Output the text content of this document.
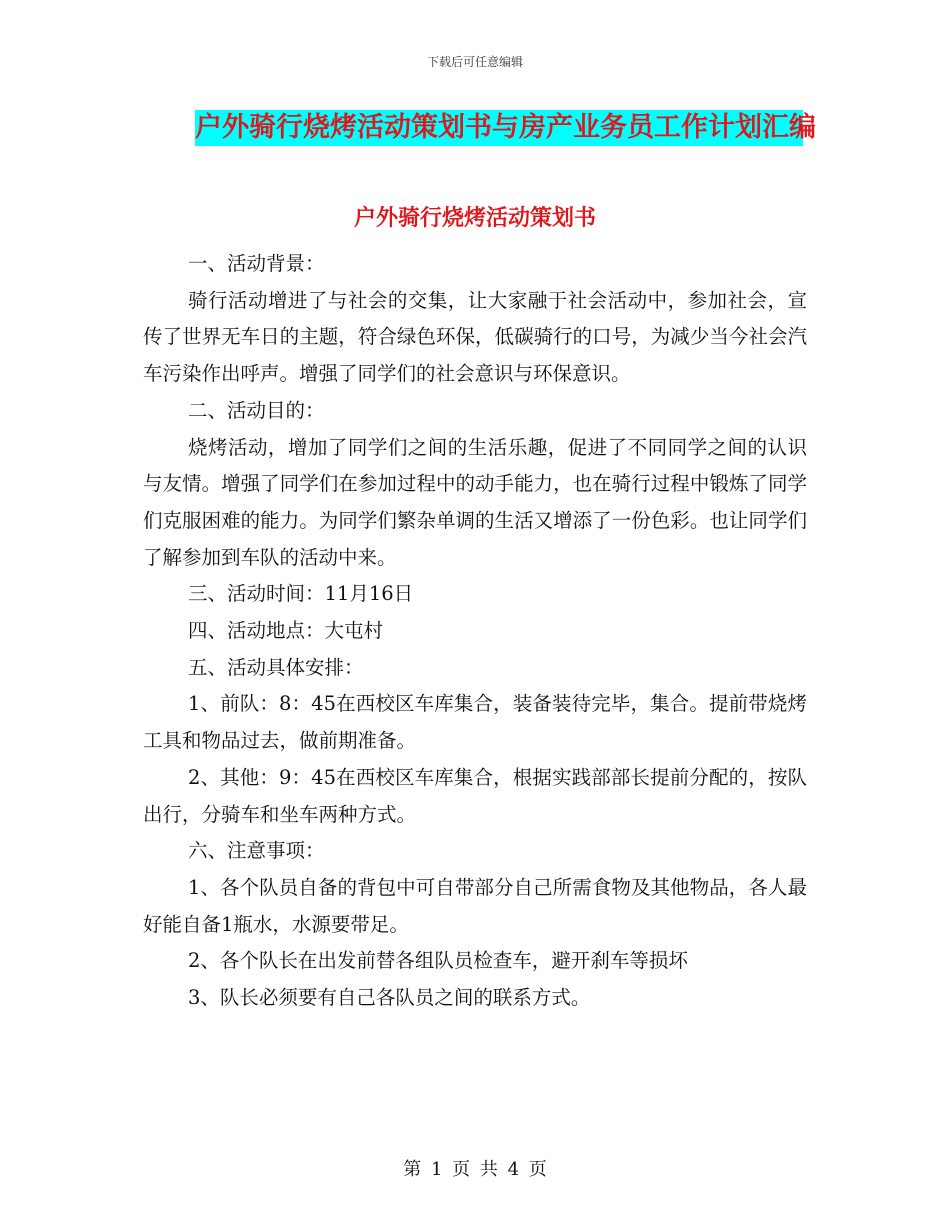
下载后可任意编辑
户外骑行烧烤活动策划书与房产业务员工作计划汇编
户外骑行烧烤活动策划书

一、活动背景：

骑行活动增进了与社会的交集，让大家融于社会活动中，参加社会，宣传了世界无车日的主题，符合绿色环保，低碳骑行的口号，为减少当今社会汽车污染作出呼声。增强了同学们的社会意识与环保意识。

二、活动目的：

烧烤活动，增加了同学们之间的生活乐趣，促进了不同同学之间的认识与友情。增强了同学们在参加过程中的动手能力，也在骑行过程中锻炼了同学们克服困难的能力。为同学们繁杂单调的生活又增添了一份色彩。也让同学们了解参加到车队的活动中来。

三、活动时间：11月16日

四、活动地点：大屯村

五、活动具体安排：

1、前队：8：45在西校区车库集合，装备装待完毕，集合。提前带烧烤工具和物品过去，做前期准备。

2、其他：9：45在西校区车库集合，根据实践部部长提前分配的，按队出行，分骑车和坐车两种方式。

六、注意事项：

1、各个队员自备的背包中可自带部分自己所需食物及其他物品，各人最好能自备1瓶水，水源要带足。

2、各个队长在出发前替各组队员检查车，避开刹车等损坏

3、队长必须要有自己各队员之间的联系方式。

第 1 页 共 4 页
